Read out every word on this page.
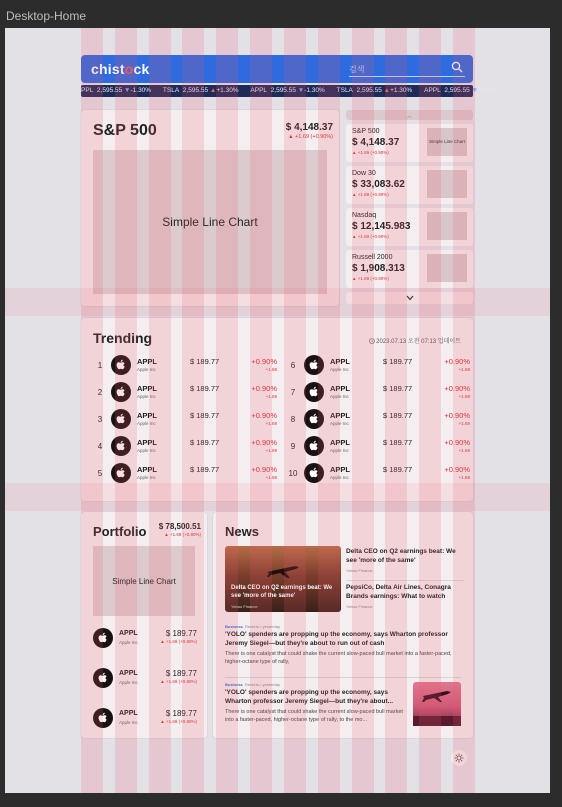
Desktop-Home
chistock
검색
PPL 2,595.55 ▼-1.30% TSLA 2,595.55 ▲+1.30% APPL 2,595.55 ▼-1.30% TSLA 2,595.55 ▲+1.30% APPL 2,595.55 ▼-1.30%
S&P 500	$ 4,148.37
▲ +1.69 (+0.90%)
Simple Line Chart
︿
S&P 500
$ 4,148.37
▲ +1.69 (+0.90%)
Simple Line Chart
Dow 30
$ 33,083.62
▲ +1.69 (+0.90%)
Nasdaq
$ 12,145.983
▲ +1.69 (+0.90%)
Russell 2000
$ 1,908.313
▲ +1.69 (+0.90%)
Trending	2023.07.13 오전 07:13 업데이트
1	APPL
Apple Inc
$ 189.77	+0.90%
+1.69
2	APPL
Apple Inc
$ 189.77	+0.90%
+1.69
3	APPL
Apple Inc
$ 189.77	+0.90%
+1.69
4	APPL
Apple Inc
$ 189.77	+0.90%
+1.69
5	APPL
Apple Inc
$ 189.77	+0.90%
+1.69
6	APPL
Apple Inc
$ 189.77	+0.90%
+1.69
7	APPL
Apple Inc
$ 189.77	+0.90%
+1.69
8	APPL
Apple Inc
$ 189.77	+0.90%
+1.69
9	APPL
Apple Inc
$ 189.77	+0.90%
+1.69
10	APPL
Apple Inc
$ 189.77	+0.90%
+1.69
Portfolio $ 78,500.51
▲ +1.69 (+0.90%)
Simple Line Chart
APPL
Apple Inc
$ 189.77
▲ +1.69 (+0.90%)
APPL
Apple Inc
$ 189.77
▲ +1.69 (+0.90%)
APPL
Apple Inc
$ 189.77
▲ +1.69 (+0.90%)
News
Delta CEO on Q2 earnings beat: We see 'more of the same'
Yahoo Finance
Delta CEO on Q2 earnings beat: We see 'more of the same'
Yahoo Finance
PepsiCo, Delta Air Lines, Conagra Brands earnings: What to watch
Yahoo Finance
Business Reuters • yesterday
'YOLO' spenders are propping up the economy, says Wharton professor Jeremy Siegel—but they're about to run out of cash
There is one catalyst that could shake the current slow-paced bull market into a faster-paced, higher-octane type of rally,
Business Reuters • yesterday
'YOLO' spenders are propping up the economy, says Wharton professor Jeremy Siegel—but they're about...
There is one catalyst that could shake the current slow-paced bull market into a faster-paced, higher-octane type of rally, to the mo...
